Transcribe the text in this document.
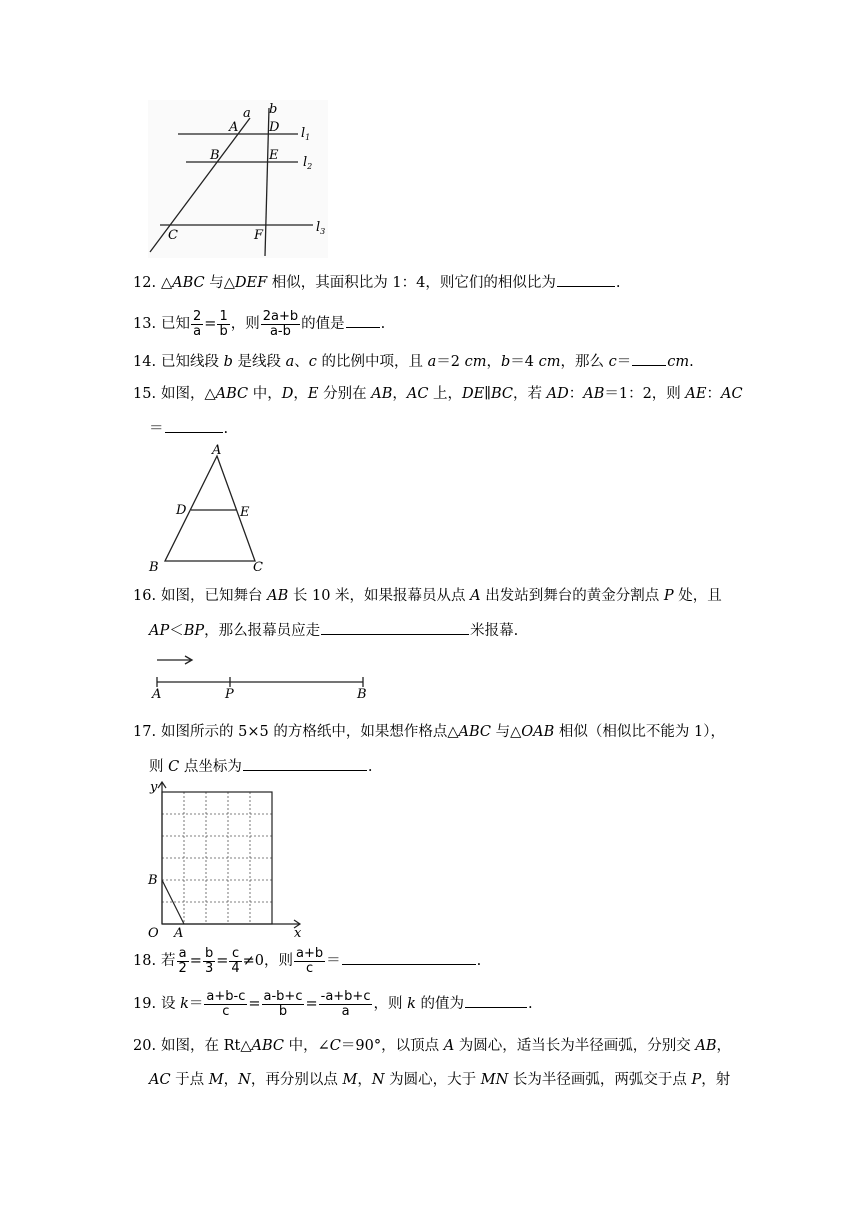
a b
A D
B	E
C	F
$l_1$
$l_2$
$l_3$
12. △ABC 与△DEF 相似，其面积比为 1：4，则它们的相似比为	.
13. 已知 $\frac{2}{a} = \frac{1}{b}$ ，则 $\frac{2a+b}{a-b}$ 的值是 .
14. 已知线段 b 是线段 a、c 的比例中项，且 a＝2 cm，b＝4 cm，那么 c＝ cm.
15. 如图，△ABC 中，D，E 分别在 AB，AC 上，DE∥BC，若 AD：AB＝1：2，则 AE：AC
＝	.
A
D	E
B	C
16. 如图，已知舞台 AB 长 10 米，如果报幕员从点 A 出发站到舞台的黄金分割点 P 处，且
AP＜BP，那么报幕员应走	米报幕.
A	P	B
17. 如图所示的 5×5 的方格纸中，如果想作格点△ABC 与△OAB 相似（相似比不能为 1），
则 C 点坐标为	.
y
B
O A	x
18. 若 $\frac{a}{2} = \frac{b}{3} = \frac{c}{4} \ne 0$，则 $\frac{a+b}{c}$ ＝	.
19. 设 $k= \frac{a+b-c}{c} = \frac{a-b+c}{b} = \frac{-a+b+c}{a}$ ，则 k 的值为	.
20. 如图，在 Rt△ABC 中，∠C＝90°，以顶点 A 为圆心，适当长为半径画弧，分别交 AB，
AC 于点 M，N，再分别以点 M，N 为圆心，大于 MN 长为半径画弧，两弧交于点 P，射
